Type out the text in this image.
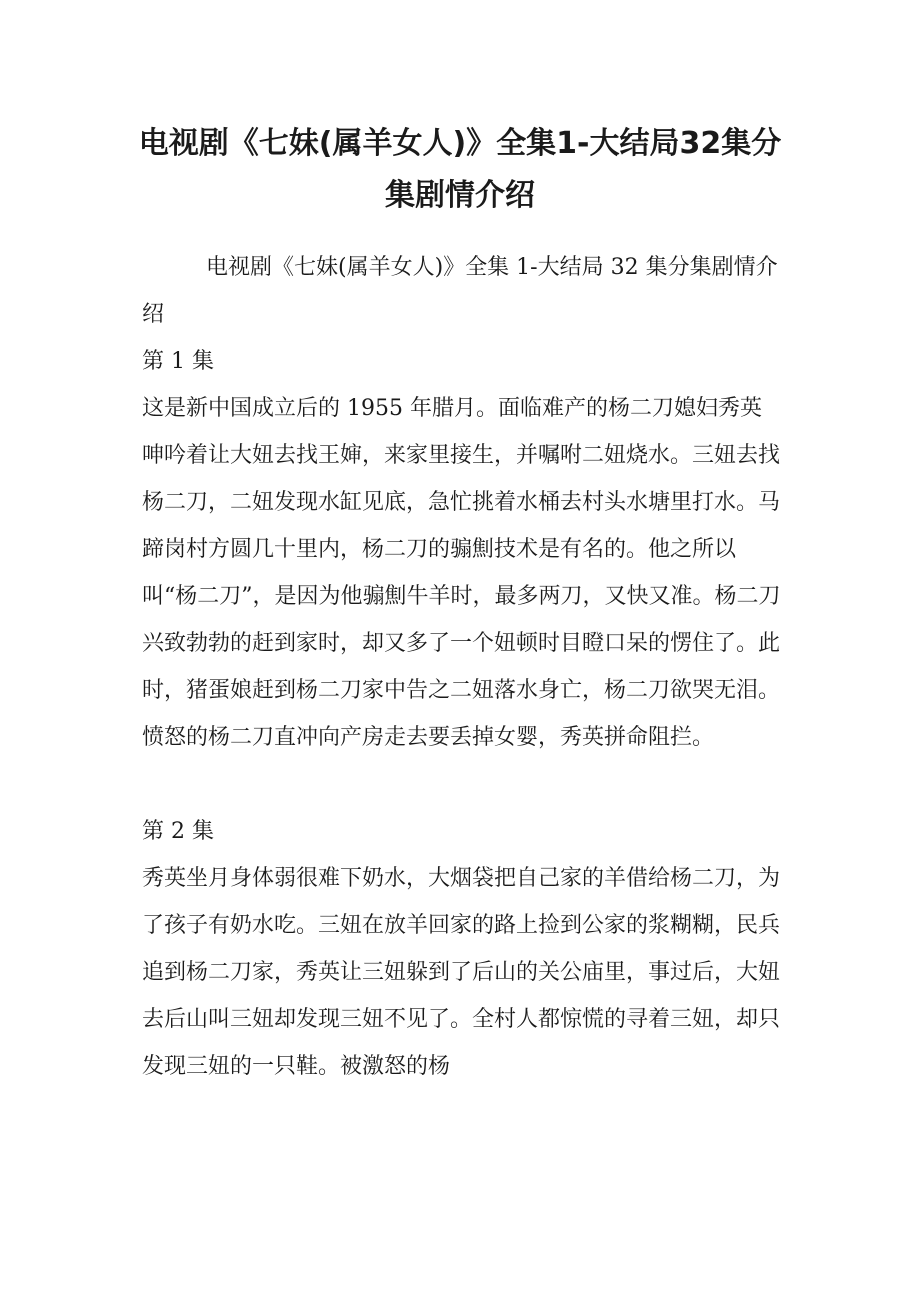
电视剧《七妹(属羊女人)》全集1-大结局32集分集剧情介绍

电视剧《七妹(属羊女人)》全集 1-大结局 32 集分集剧情介绍

第 1 集

这是新中国成立后的 1955 年腊月。面临难产的杨二刀媳妇秀英呻吟着让大妞去找王婶，来家里接生，并嘱咐二妞烧水。三妞去找杨二刀，二妞发现水缸见底，急忙挑着水桶去村头水塘里打水。马蹄岗村方圆几十里内，杨二刀的骟劁技术是有名的。他之所以叫“杨二刀”，是因为他骟劁牛羊时，最多两刀，又快又准。杨二刀兴致勃勃的赶到家时，却又多了一个妞顿时目瞪口呆的愣住了。此时，猪蛋娘赶到杨二刀家中告之二妞落水身亡，杨二刀欲哭无泪。愤怒的杨二刀直冲向产房走去要丢掉女婴，秀英拼命阻拦。

第 2 集

秀英坐月身体弱很难下奶水，大烟袋把自己家的羊借给杨二刀，为了孩子有奶水吃。三妞在放羊回家的路上捡到公家的浆糊糊，民兵追到杨二刀家，秀英让三妞躲到了后山的关公庙里，事过后，大妞去后山叫三妞却发现三妞不见了。全村人都惊慌的寻着三妞，却只发现三妞的一只鞋。被激怒的杨
